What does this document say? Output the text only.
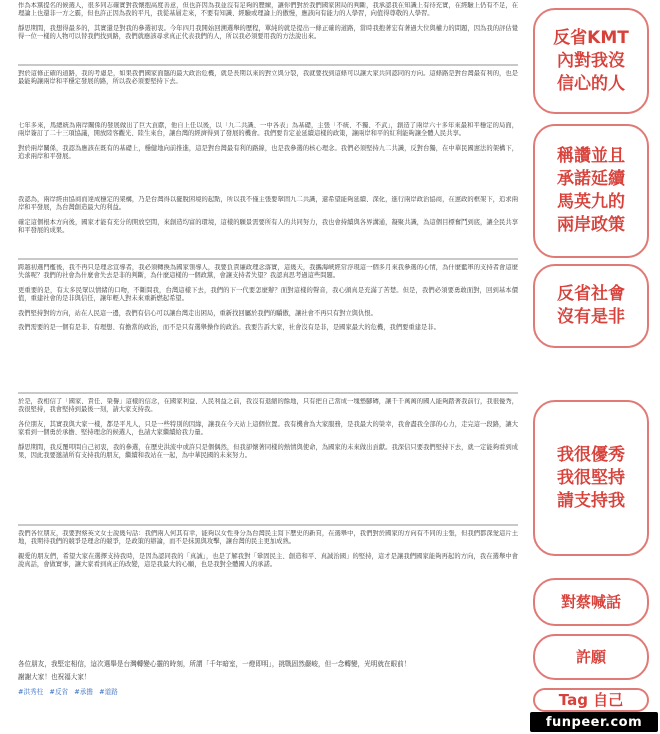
作為本黨提名的候選人，很多同志確實對我懷抱高度善意，但也許因為我並沒有足夠的歷練，讓你們對於我們國家困局的判斷，我承認我在知識上有待充實，在經驗上仍有不足，在理論上也還非一方之霸，但也許正因為我的平凡，我從基層走來，不要有知識、經驗或理論上的傲慢，應該向有能力的人學習，向值得尊敬的人學習。

靜思期間，我想得最多的，其實還是對我的參選初衷。今年四月我開始回溯選舉的歷程，單純的就是提出一條正確的道路，當時我抱著宏有著過大位與權力的問題，因為我的評估覺得一位一樣的人物可以替我們找到路，我們就應該尋求真正代表我們的人，所以我必須要用我的方法說出來。

對於這條正確的道路，我的考慮是，如果我們國家面臨的最大政治危機，就是長期以來的對立與分裂，我就要找到這條可以讓大家共同認同的方向。這條路是對台灣最有利的，也是最能夠讓兩岸和平穩定發展的路，所以我必須要堅持下去。

七年多來，馬總統為兩岸關係的發展做出了巨大貢獻，他自上任以後，以「九二共識、一中各表」為基礎，主張「不統、不獨、不武」，創造了兩岸六十多年來最和平穩定的局面，兩岸簽訂了二十三項協議，開放陸客觀光、陸生來台，讓台灣的經濟得到了發展的機會。我們要肯定並延續這樣的政策，讓兩岸和平的紅利能夠讓全體人民共享。

對於兩岸關係，我認為應該在既有的基礎上，穩健地向前推進，這是對台灣最有利的路線，也是我參選的核心理念。我們必須堅持九二共識，反對台獨，在中華民國憲法的架構下，追求兩岸和平發展。

我認為，兩岸經由協商而達成穩定的架構，乃是台灣得以擺脫困境的起點，所以我不僅主張要鞏固九二共識，還希望能夠延續、深化，進行兩岸政治協商，在憲政的框架下，追求兩岸和平發展，為台灣創造最大的利益。

確定這個根本方向後，國家才能有充分的開放空間，來創造均富的環境，這樣的願景需要所有人的共同努力，我也會持續與各界溝通，凝聚共識，為這個目標奮鬥到底，讓全民共享和平發展的成果。

跨越初選門檻後，我不再只是理念宣導者，我必須轉換為國家領導人，我要負責廉政理念落實，這幾天，我攜海峽經常浮現這一個多月來我參選的心情，為什麼藍軍的支持者會這麼失落呢？我們的社會為什麼會失去是非的判斷，為什麼這樣的一個政黨，會讓支持者失望？我認真思考過這些問題。

更重要的是，有太多民眾以情緒的口吻，不斷問我，台灣這樣下去，我們的下一代要怎麼辦？面對這樣的聲音，我心頭真是充滿了苦楚。但是，我們必須要勇敢面對，回到基本價值，重建社會的是非與信任，讓年輕人對未來重新燃起希望。

我們堅持對的方向，站在人民這一邊，我們有信心可以讓台灣走出困局，重新找回屬於我們的驕傲，讓社會不再只有對立與仇恨。

我們需要的是一個有是非、有理想、有擔當的政治，而不是只有選舉操作的政治。我要告訴大家，社會沒有是非，是國家最大的危機，我們要重建是非。

於是，我相信了「國家、責任、榮譽」這樣的信念，在國家利益、人民利益之前，我沒有退縮的餘地，只有把自己當成一塊墊腳磚，讓千千萬萬的國人能夠踏著我前行，我很優秀，我很堅持，我會堅持到最後一刻，請大家支持我。

各位朋友，其實我與大家一樣，都是平凡人，只是一些特別的因緣，讓我在今天站上這個位置。我有機會為大家服務，是我最大的榮幸，我會盡我全部的心力，走完這一段路，讓大家看到一個勇於承擔、堅持理念的候選人，也請大家繼續給我力量。

靜思期間，我反覆叩問自己初衷，我的參選，在歷史洪流中或許只是個偶然，但我卻懷著同樣的熱情與使命，為國家的未來做出貢獻。我深信只要我們堅持下去，就一定能夠看到成果，因此我要邀請所有支持我的朋友，繼續和我站在一起，為中華民國的未來努力。

我們各位朋友，我要對蔡英文女士說幾句話：我們兩人何其有幸，能夠以女性身分為台灣民主寫下歷史的新頁，在選舉中，我們對於國家的方向有不同的主張，但我們都深愛這片土地，我期待我們的競爭是理念的競爭，是政策的辯論，而不是抹黑與攻擊，讓台灣的民主更加成熟。

親愛的朋友們，希望大家在選擇支持我時，是因為認同我的「真誠」，也是了解我對「鞏固民主、創造和平、真誠治國」的堅持，這才是讓我們國家能夠再起的方向，我在選舉中會說真話，會做實事，讓大家看到真正的改變，這是我最大的心願，也是我對全體國人的承諾。

各位朋友，我堅定相信，這次選舉是台灣轉變心靈的時刻，所謂「千年暗室，一燈即明」，挑戰固然嚴峻，但一念轉變，光明就在眼前！

謝謝大家！也祝福大家！

#洪秀柱 #反省 #承擔 #道路
反省KMT
內對我沒
信心的人
稱讚並且
承諾延續
馬英九的
兩岸政策
反省社會
沒有是非
我很優秀
我很堅持
請支持我
對蔡喊話
許願
Tag 自己
funpeer.com
